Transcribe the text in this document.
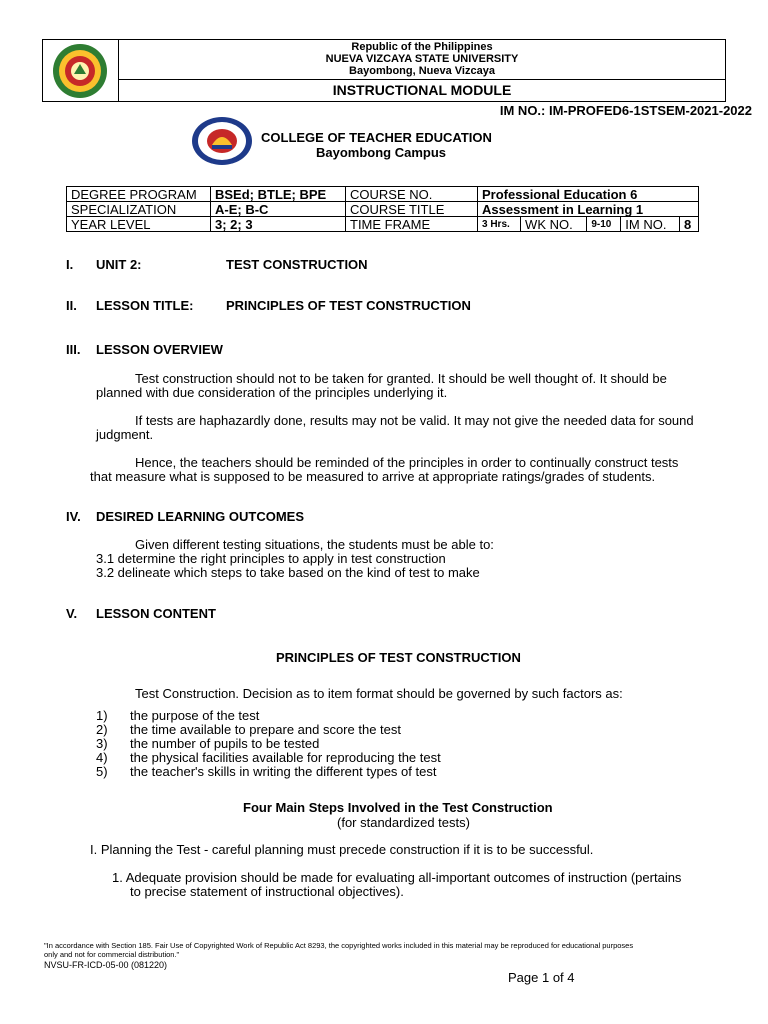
Republic of the Philippines
NUEVA VIZCAYA STATE UNIVERSITY
Bayombong, Nueva Vizcaya
INSTRUCTIONAL MODULE
IM NO.: IM-PROFED6-1STSEM-2021-2022
COLLEGE OF TEACHER EDUCATION
Bayombong Campus
DEGREE PROGRAM	BSEd; BTLE; BPE	COURSE NO.	Professional Education 6				
SPECIALIZATION	A-E; B-C	COURSE TITLE	Assessment in Learning 1				
YEAR LEVEL	3; 2; 3	TIME FRAME	3 Hrs.	WK NO.	9-10	IM NO.	8
I. UNIT 2:	TEST CONSTRUCTION
II. LESSON TITLE:	PRINCIPLES OF TEST CONSTRUCTION
III. LESSON OVERVIEW
Test construction should not to be taken for granted. It should be well thought of. It should be
planned with due consideration of the principles underlying it.
If tests are haphazardly done, results may not be valid. It may not give the needed data for sound
judgment.
Hence, the teachers should be reminded of the principles in order to continually construct tests
that measure what is supposed to be measured to arrive at appropriate ratings/grades of students.
IV. DESIRED LEARNING OUTCOMES
Given different testing situations, the students must be able to:
3.1 determine the right principles to apply in test construction
3.2 delineate which steps to take based on the kind of test to make
V. LESSON CONTENT
PRINCIPLES OF TEST CONSTRUCTION
Test Construction. Decision as to item format should be governed by such factors as:
1) the purpose of the test
2) the time available to prepare and score the test
3) the number of pupils to be tested
4) the physical facilities available for reproducing the test
5) the teacher's skills in writing the different types of test
Four Main Steps Involved in the Test Construction
(for standardized tests)
I. Planning the Test - careful planning must precede construction if it is to be successful.
1. Adequate provision should be made for evaluating all-important outcomes of instruction (pertains
to precise statement of instructional objectives).
"In accordance with Section 185. Fair Use of Copyrighted Work of Republic Act 8293, the copyrighted works included in this material may be reproduced for educational purposes
only and not for commercial distribution."
NVSU-FR-ICD-05-00 (081220)
Page 1 of 4
